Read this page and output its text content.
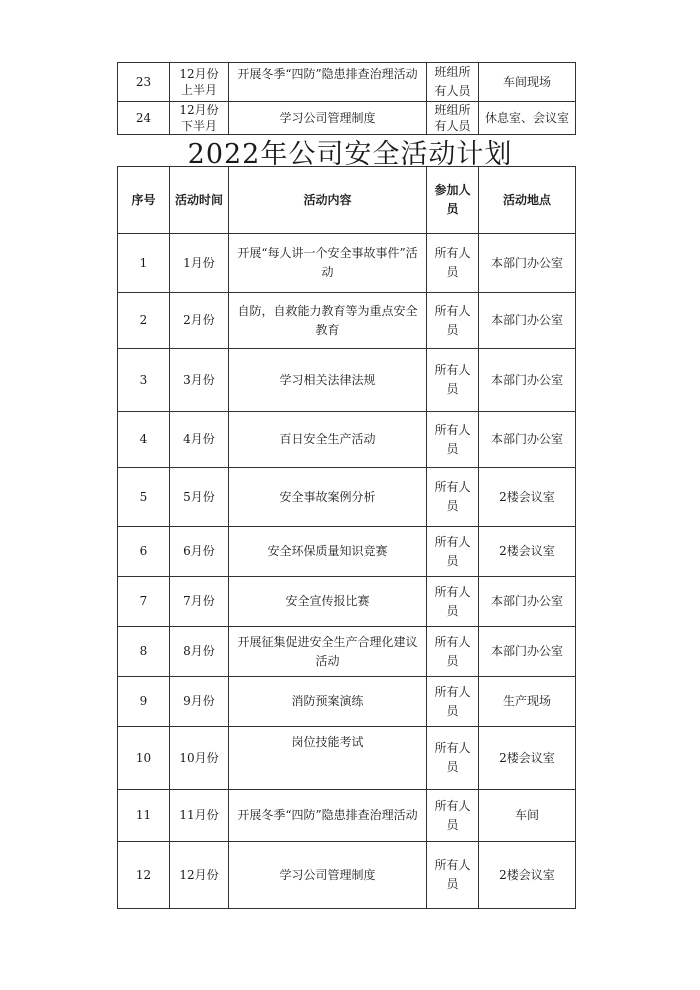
23	12月份上半月	开展冬季“四防”隐患排查治理活动	班组所有人员	车间现场
24	12月份下半月	学习公司管理制度	班组所有人员	休息室、会议室
2022年公司安全活动计划
序号	活动时间	活动内容	参加人员	活动地点
1	1月份	开展“每人讲一个安全事故事件”活动	所有人员	本部门办公室
2	2月份	自防，自救能力教育等为重点安全教育	所有人员	本部门办公室
3	3月份	学习相关法律法规	所有人员	本部门办公室
4	4月份	百日安全生产活动	所有人员	本部门办公室
5	5月份	安全事故案例分析	所有人员	2楼会议室
6	6月份	安全环保质量知识竞赛	所有人员	2楼会议室
7	7月份	安全宣传报比赛	所有人员	本部门办公室
8	8月份	开展征集促进安全生产合理化建议活动	所有人员	本部门办公室
9	9月份	消防预案演练	所有人员	生产现场
10	10月份	岗位技能考试	所有人员	2楼会议室
11	11月份	开展冬季“四防”隐患排查治理活动	所有人员	车间
12	12月份	学习公司管理制度	所有人员	2楼会议室
